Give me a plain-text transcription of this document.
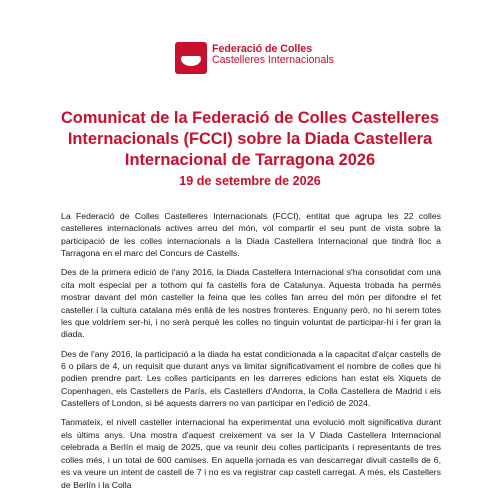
Federació de Colles
Castelleres Internacionals
Comunicat de la Federació de Colles Castelleres Internacionals (FCCI) sobre la Diada Castellera Internacional de Tarragona 2026
19 de setembre de 2026

La Federació de Colles Castelleres Internacionals (FCCI), entitat que agrupa les 22 colles castelleres internacionals actives arreu del món, vol compartir el seu punt de vista sobre la participació de les colles internacionals a la Diada Castellera Internacional que tindrà lloc a Tarragona en el marc del Concurs de Castells.

Des de la primera edició de l'any 2016, la Diada Castellera Internacional s'ha consolidat com una cita molt especial per a tothom qui fa castells fora de Catalunya. Aquesta trobada ha permès mostrar davant del món casteller la feina que les colles fan arreu del món per difondre el fet casteller i la cultura catalana més enllà de les nostres fronteres. Enguany però, no hi serem totes les que voldríem ser-hi, i no serà perquè les colles no tinguin voluntat de participar-hi i fer gran la diada.

Des de l'any 2016, la participació a la diada ha estat condicionada a la capacitat d'alçar castells de 6 o pilars de 4, un requisit que durant anys va limitar significativament el nombre de colles que hi podien prendre part. Les colles participants en les darreres edicions han estat els Xiquets de Copenhagen, els Castellers de París, els Castellers d'Andorra, la Colla Castellera de Madrid i els Castellers of London, si bé aquests darrers no van participar en l'edició de 2024.

Tanmateix, el nivell casteller internacional ha experimentat una evolució molt significativa durant els últims anys. Una mostra d'aquest creixement va ser la V Diada Castellera Internacional celebrada a Berlín el maig de 2025, que va reunir deu colles participants i representants de tres colles més, i un total de 600 camises. En aquella jornada es van descarregar divuit castells de 6, es va veure un intent de castell de 7 i no es va registrar cap castell carregat. A més, els Castellers de Berlín i la Colla
